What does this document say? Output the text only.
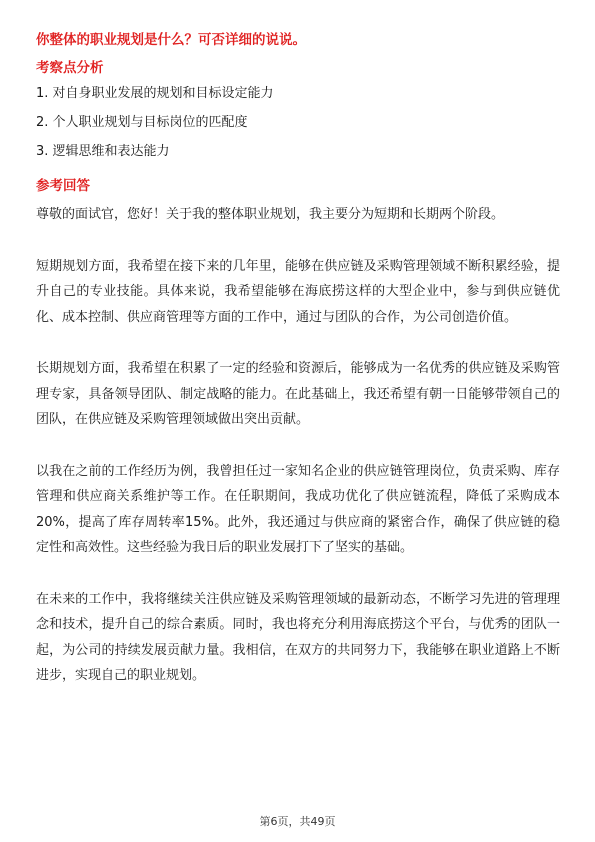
你整体的职业规划是什么？可否详细的说说。
考察点分析
1. 对自身职业发展的规划和目标设定能力
2. 个人职业规划与目标岗位的匹配度
3. 逻辑思维和表达能力
参考回答

尊敬的面试官，您好！关于我的整体职业规划，我主要分为短期和长期两个阶段。

短期规划方面，我希望在接下来的几年里，能够在供应链及采购管理领域不断积累经验，提升自己的专业技能。具体来说，我希望能够在海底捞这样的大型企业中，参与到供应链优化、成本控制、供应商管理等方面的工作中，通过与团队的合作，为公司创造价值。

长期规划方面，我希望在积累了一定的经验和资源后，能够成为一名优秀的供应链及采购管理专家，具备领导团队、制定战略的能力。在此基础上，我还希望有朝一日能够带领自己的团队，在供应链及采购管理领域做出突出贡献。

以我在之前的工作经历为例，我曾担任过一家知名企业的供应链管理岗位，负责采购、库存管理和供应商关系维护等工作。在任职期间，我成功优化了供应链流程，降低了采购成本20%，提高了库存周转率15%。此外，我还通过与供应商的紧密合作，确保了供应链的稳定性和高效性。这些经验为我日后的职业发展打下了坚实的基础。

在未来的工作中，我将继续关注供应链及采购管理领域的最新动态，不断学习先进的管理理念和技术，提升自己的综合素质。同时，我也将充分利用海底捞这个平台，与优秀的团队一起，为公司的持续发展贡献力量。我相信，在双方的共同努力下，我能够在职业道路上不断进步，实现自己的职业规划。

第6页，共49页
